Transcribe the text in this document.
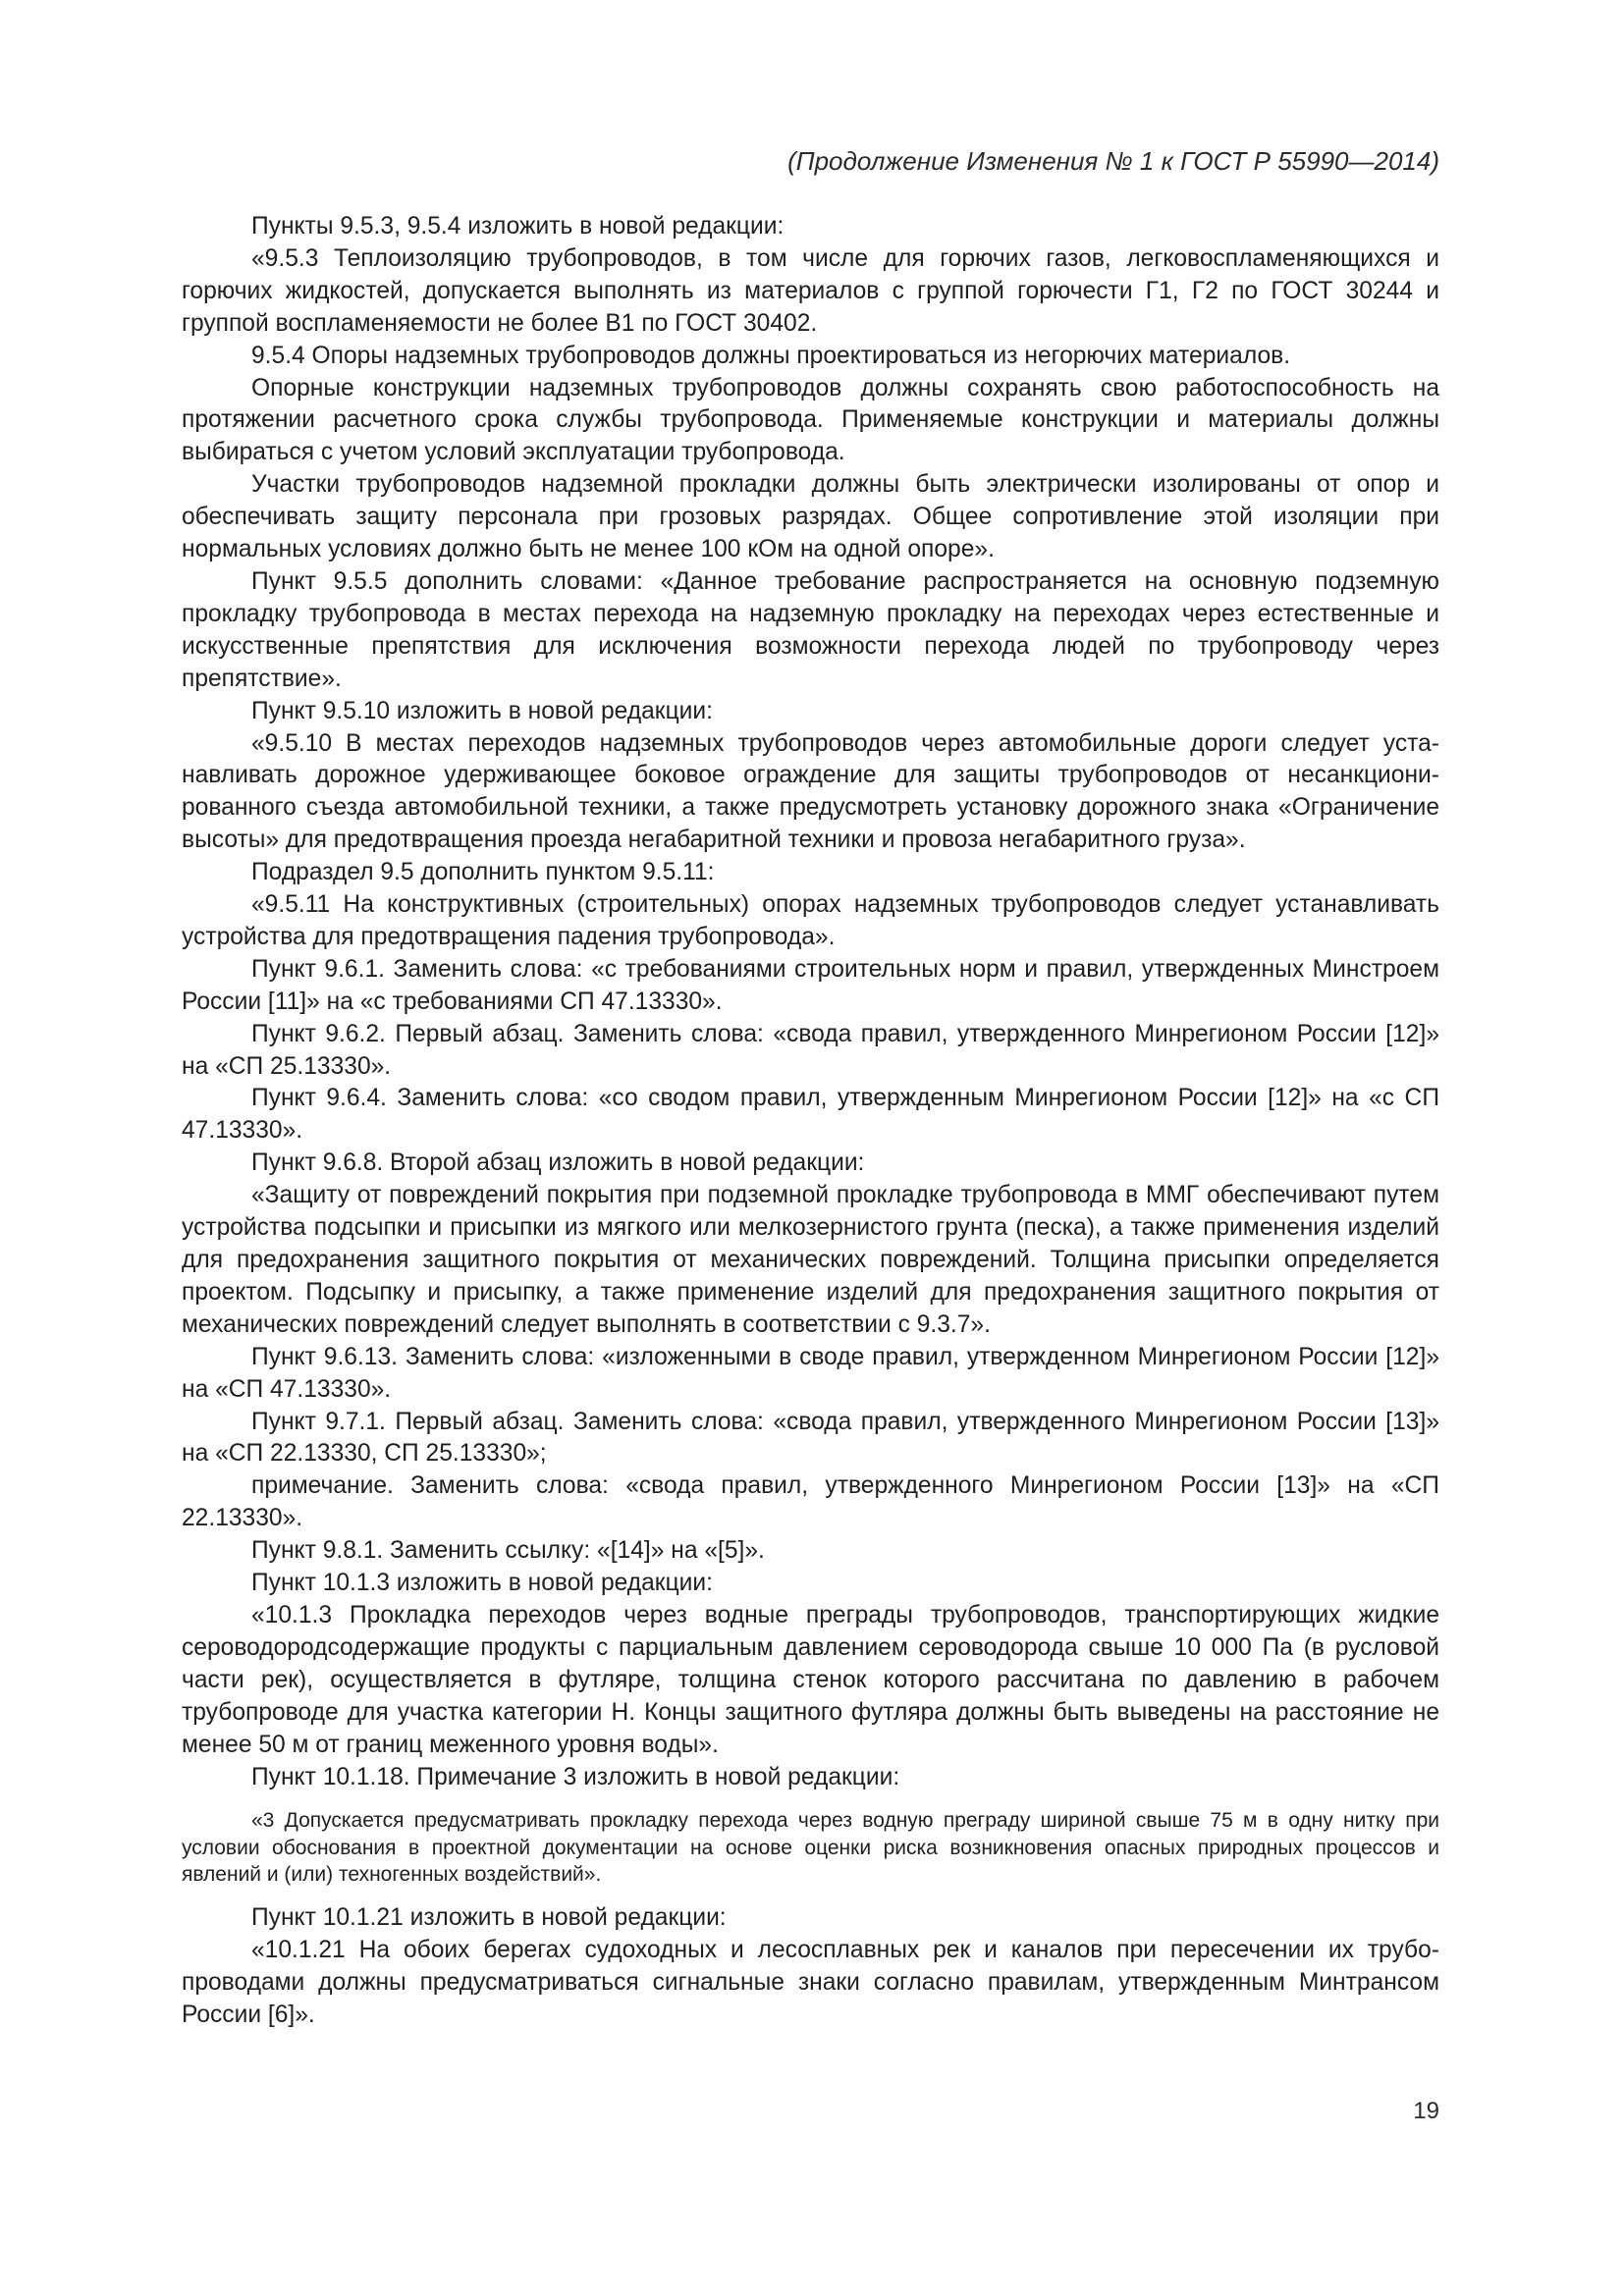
(Продолжение Изменения № 1 к ГОСТ Р 55990—2014)

Пункты 9.5.3, 9.5.4 изложить в новой редакции:

«9.5.3 Теплоизоляцию трубопроводов, в том числе для горючих газов, легковоспламеняющихся и горючих жидкостей, допускается выполнять из материалов с группой горючести Г1, Г2 по ГОСТ 30244 и группой воспламеняемости не более В1 по ГОСТ 30402.

9.5.4 Опоры надземных трубопроводов должны проектироваться из негорючих материалов.

Опорные конструкции надземных трубопроводов должны сохранять свою работоспособность на протяжении расчетного срока службы трубопровода. Применяемые конструкции и материалы должны выбираться с учетом условий эксплуатации трубопровода.

Участки трубопроводов надземной прокладки должны быть электрически изолированы от опор и обеспечивать защиту персонала при грозовых разрядах. Общее сопротивление этой изоляции при нормальных условиях должно быть не менее 100 кОм на одной опоре».

Пункт 9.5.5 дополнить словами: «Данное требование распространяется на основную подземную прокладку трубопровода в местах перехода на надземную прокладку на переходах через естественные и искусственные препятствия для исключения возможности перехода людей по трубопроводу через препятствие».

Пункт 9.5.10 изложить в новой редакции:

«9.5.10 В местах переходов надземных трубопроводов через автомобильные дороги следует устанавливать дорожное удерживающее боковое ограждение для защиты трубопроводов от несанкционированного съезда автомобильной техники, а также предусмотреть установку дорожного знака «Ограничение высоты» для предотвращения проезда негабаритной техники и провоза негабаритного груза».

Подраздел 9.5 дополнить пунктом 9.5.11:

«9.5.11 На конструктивных (строительных) опорах надземных трубопроводов следует устанавливать устройства для предотвращения падения трубопровода».

Пункт 9.6.1. Заменить слова: «с требованиями строительных норм и правил, утвержденных Минстроем России [11]» на «с требованиями СП 47.13330».

Пункт 9.6.2. Первый абзац. Заменить слова: «свода правил, утвержденного Минрегионом России [12]» на «СП 25.13330».

Пункт 9.6.4. Заменить слова: «со сводом правил, утвержденным Минрегионом России [12]» на «с СП 47.13330».

Пункт 9.6.8. Второй абзац изложить в новой редакции:

«Защиту от повреждений покрытия при подземной прокладке трубопровода в ММГ обеспечивают путем устройства подсыпки и присыпки из мягкого или мелкозернистого грунта (песка), а также применения изделий для предохранения защитного покрытия от механических повреждений. Толщина присыпки определяется проектом. Подсыпку и присыпку, а также применение изделий для предохранения защитного покрытия от механических повреждений следует выполнять в соответствии с 9.3.7».

Пункт 9.6.13. Заменить слова: «изложенными в своде правил, утвержденном Минрегионом России [12]» на «СП 47.13330».

Пункт 9.7.1. Первый абзац. Заменить слова: «свода правил, утвержденного Минрегионом России [13]» на «СП 22.13330, СП 25.13330»;

примечание. Заменить слова: «свода правил, утвержденного Минрегионом России [13]» на «СП 22.13330».

Пункт 9.8.1. Заменить ссылку: «[14]» на «[5]».

Пункт 10.1.3 изложить в новой редакции:

«10.1.3 Прокладка переходов через водные преграды трубопроводов, транспортирующих жидкие сероводородсодержащие продукты с парциальным давлением сероводорода свыше 10 000 Па (в русловой части рек), осуществляется в футляре, толщина стенок которого рассчитана по давлению в рабочем трубопроводе для участка категории Н. Концы защитного футляра должны быть выведены на расстояние не менее 50 м от границ меженного уровня воды».

Пункт 10.1.18. Примечание 3 изложить в новой редакции:

«3 Допускается предусматривать прокладку перехода через водную преграду шириной свыше 75 м в одну нитку при условии обоснования в проектной документации на основе оценки риска возникновения опасных природных процессов и явлений и (или) техногенных воздействий».

Пункт 10.1.21 изложить в новой редакции:

«10.1.21 На обоих берегах судоходных и лесосплавных рек и каналов при пересечении их трубопроводами должны предусматриваться сигнальные знаки согласно правилам, утвержденным Минтрансом России [6]».

19
